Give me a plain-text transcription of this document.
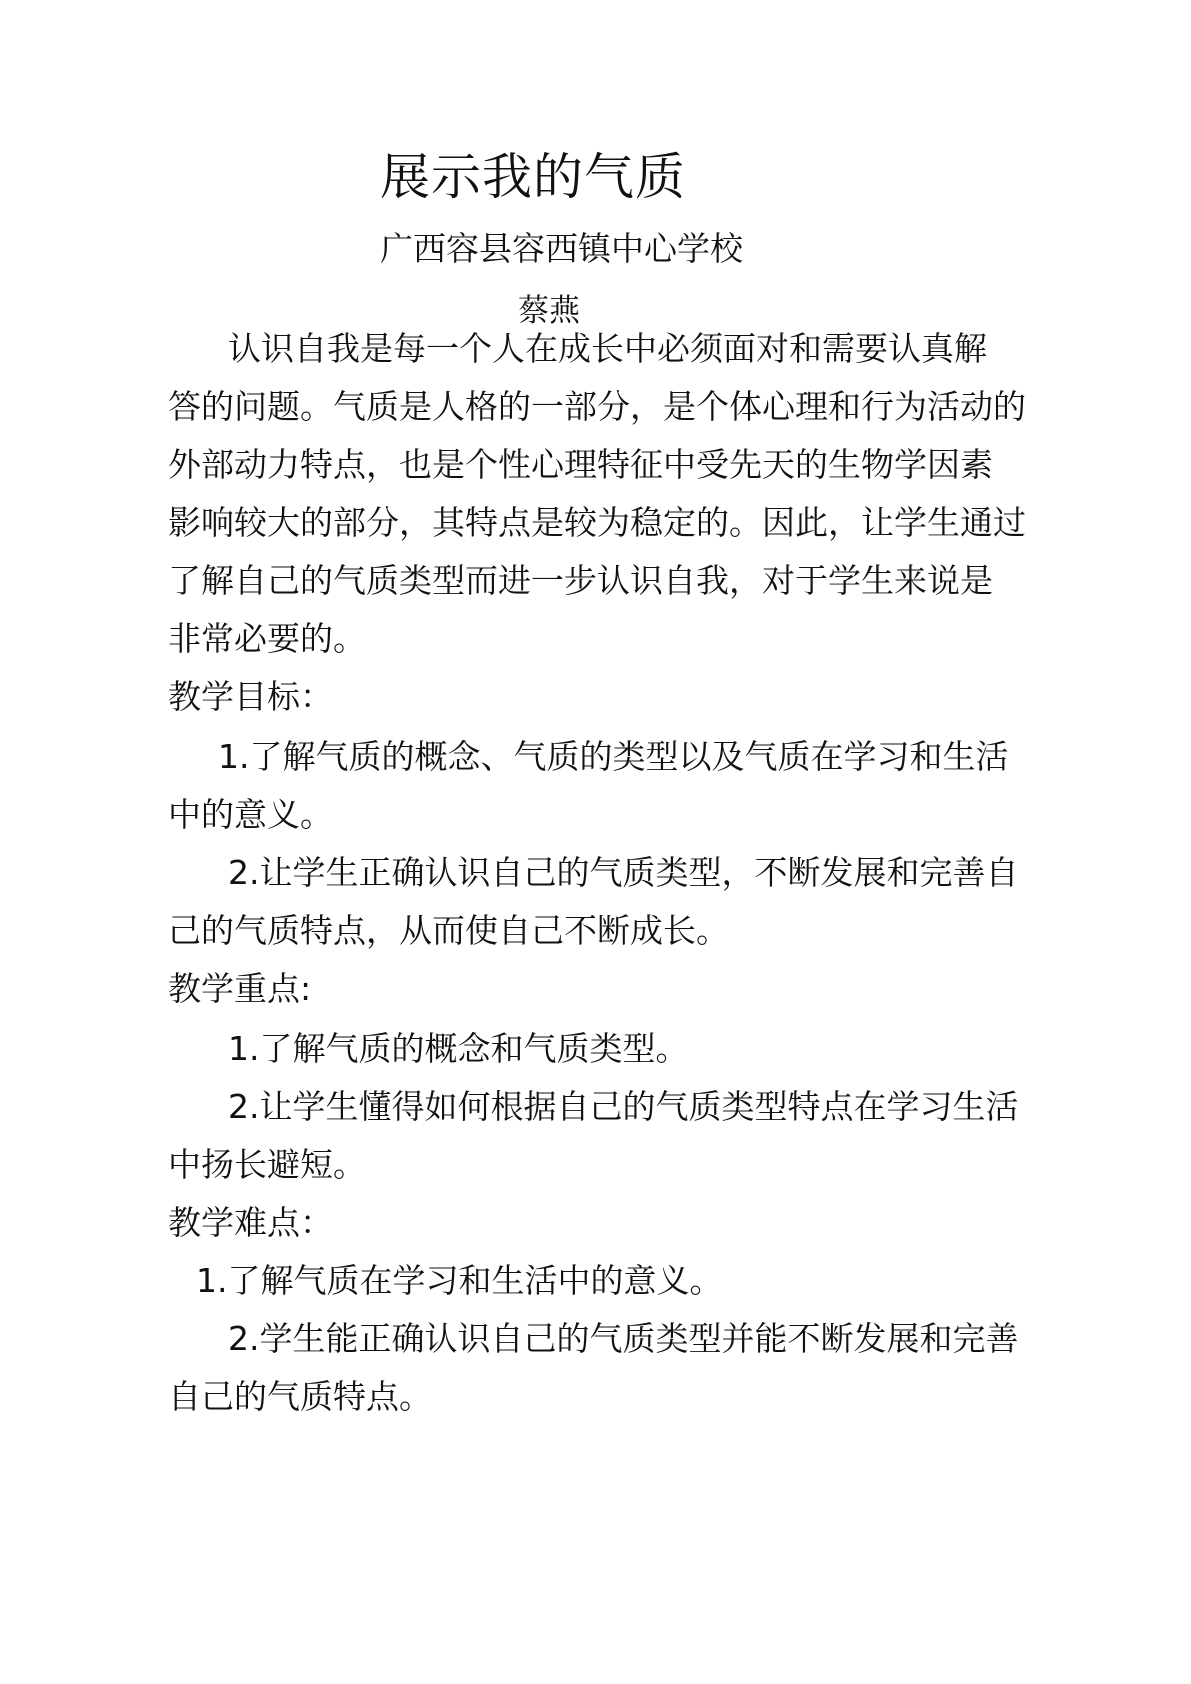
展示我的气质
广西容县容西镇中心学校
蔡燕
认识自我是每一个人在成长中必须面对和需要认真解
答的问题。气质是人格的一部分，是个体心理和行为活动的
外部动力特点，也是个性心理特征中受先天的生物学因素
影响较大的部分，其特点是较为稳定的。因此，让学生通过
了解自己的气质类型而进一步认识自我，对于学生来说是
非常必要的。
教学目标：
1.了解气质的概念、气质的类型以及气质在学习和生活
中的意义。
2.让学生正确认识自己的气质类型，不断发展和完善自
己的气质特点，从而使自己不断成长。
教学重点:
1.了解气质的概念和气质类型。
2.让学生懂得如何根据自己的气质类型特点在学习生活
中扬长避短。
教学难点：
1.了解气质在学习和生活中的意义。
2.学生能正确认识自己的气质类型并能不断发展和完善
自己的气质特点。
